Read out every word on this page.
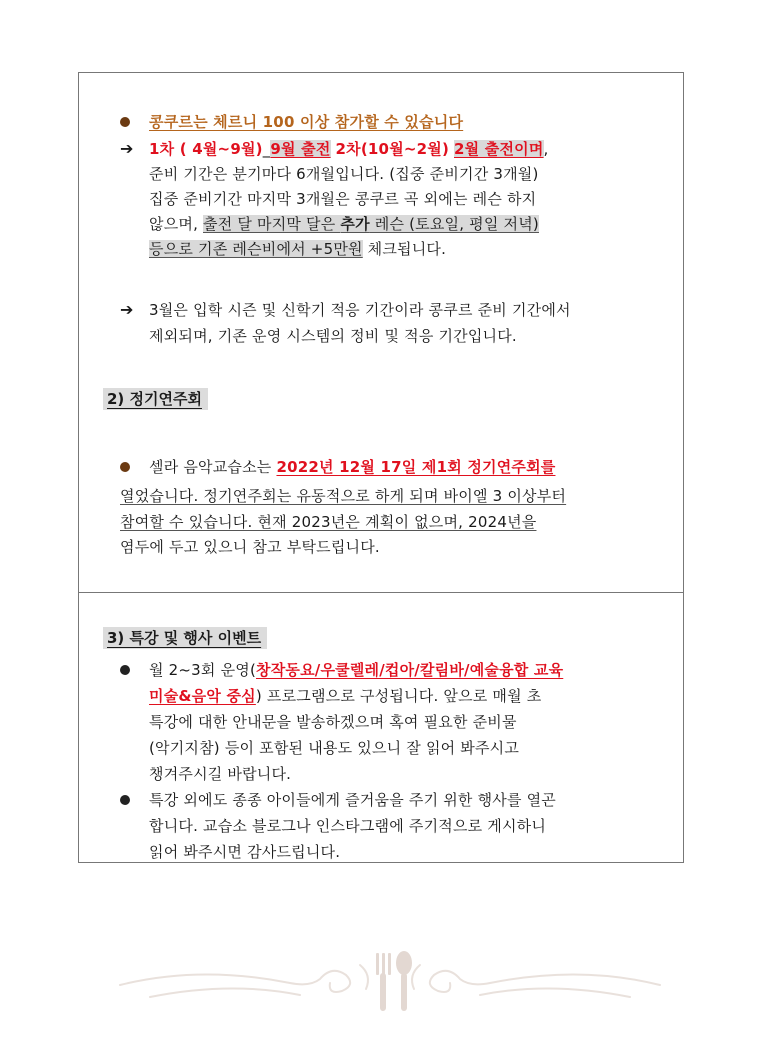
콩쿠르는 체르니 100 이상 참가할 수 있습니다
➔ 1차 ( 4월~9월)_9월 출전 2차(10월~2월) 2월 출전이며,
준비 기간은 분기마다 6개월입니다. (집중 준비기간 3개월)
집중 준비기간 마지막 3개월은 콩쿠르 곡 외에는 레슨 하지
않으며, 출전 달 마지막 달은 추가 레슨 (토요일, 평일 저녁)
등으로 기존 레슨비에서 +5만원 체크됩니다.
➔ 3월은 입학 시즌 및 신학기 적응 기간이라 콩쿠르 준비 기간에서
제외되며, 기존 운영 시스템의 정비 및 적응 기간입니다.
2) 정기연주회
셀라 음악교습소는 2022년 12월 17일 제1회 정기연주회를
열었습니다. 정기연주회는 유동적으로 하게 되며 바이엘 3 이상부터
참여할 수 있습니다. 현재 2023년은 계획이 없으며, 2024년을
염두에 두고 있으니 참고 부탁드립니다.
3) 특강 및 행사 이벤트
월 2~3회 운영(창작동요/우쿨렐레/컵아/칼림바/예술융합 교육
미술&음악 중심) 프로그램으로 구성됩니다. 앞으로 매월 초
특강에 대한 안내문을 발송하겠으며 혹여 필요한 준비물
(악기지참) 등이 포함된 내용도 있으니 잘 읽어 봐주시고
챙겨주시길 바랍니다.
특강 외에도 종종 아이들에게 즐거움을 주기 위한 행사를 열곤
합니다. 교습소 블로그나 인스타그램에 주기적으로 게시하니
읽어 봐주시면 감사드립니다.
